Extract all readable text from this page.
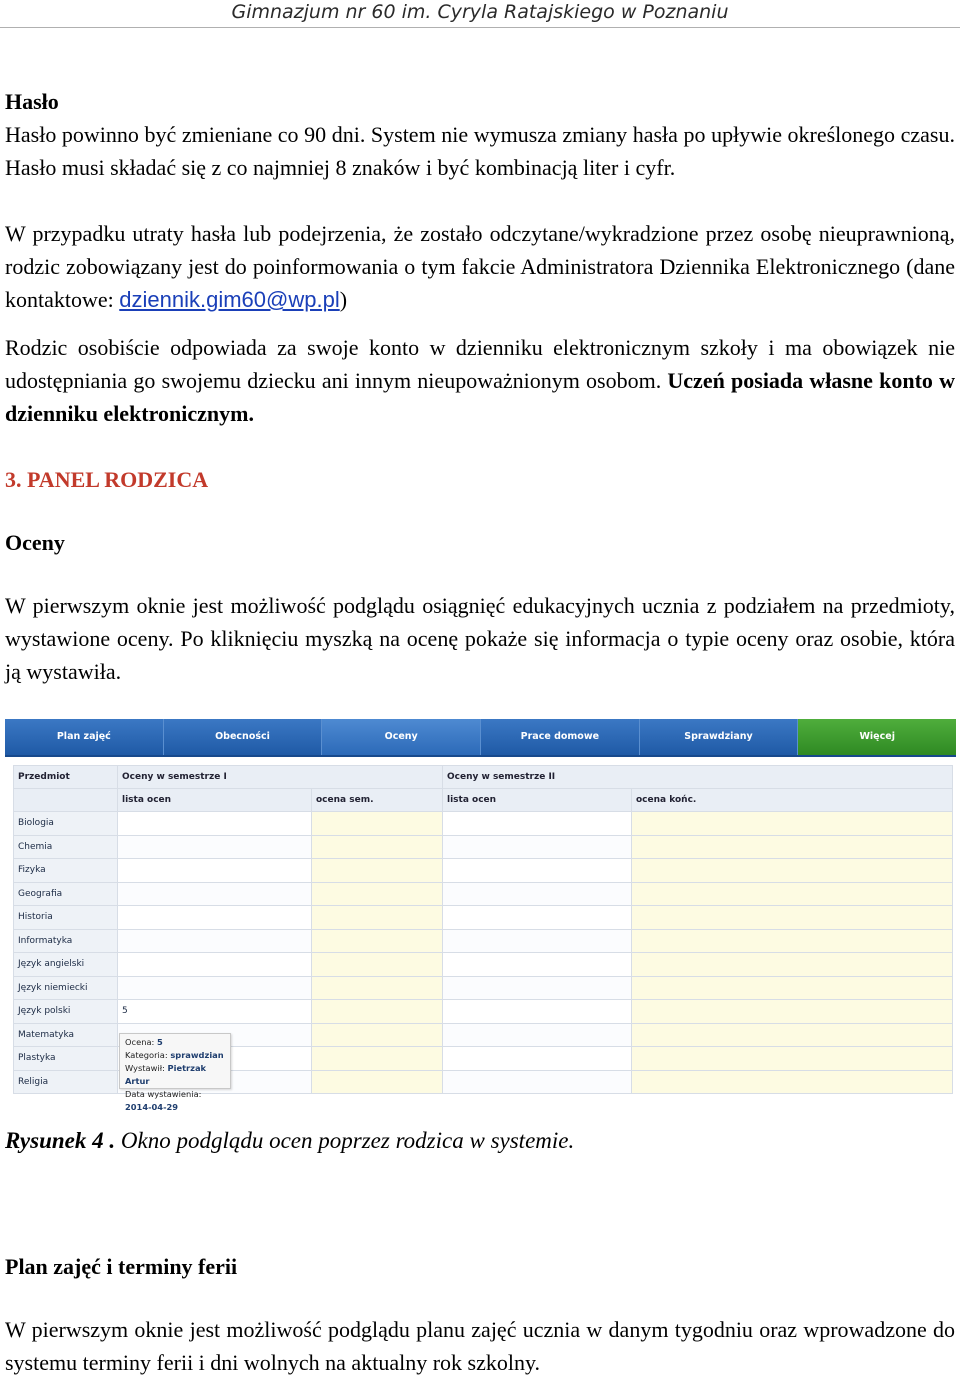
Gimnazjum nr 60 im. Cyryla Ratajskiego w Poznaniu
Hasło
Hasło powinno być zmieniane co 90 dni. System nie wymusza zmiany hasła po upływie określonego czasu. Hasło musi składać się z co najmniej 8 znaków i być kombinacją liter i cyfr.
W przypadku utraty hasła lub podejrzenia, że zostało odczytane/wykradzione przez osobę nieuprawnioną, rodzic zobowiązany jest do poinformowania o tym fakcie Administratora Dziennika Elektronicznego (dane kontaktowe: dziennik.gim60@wp.pl)
Rodzic osobiście odpowiada za swoje konto w dzienniku elektronicznym szkoły i ma obowiązek nie udostępniania go swojemu dziecku ani innym nieupoważnionym osobom. Uczeń posiada własne konto w dzienniku elektronicznym.
3. PANEL RODZICA
Oceny
W pierwszym oknie jest możliwość podglądu osiągnięć edukacyjnych ucznia z podziałem na przedmioty, wystawione oceny. Po kliknięciu myszką na ocenę pokaże się informacja o typie oceny oraz osobie, która ją wystawiła.
Plan zajęć	Obecności	Oceny	Prace domowe	Sprawdziany	Więcej
Przedmiot	Oceny w semestrze I		Oceny w semestrze II	
	lista ocen	ocena sem.	lista ocen	ocena końc.
Biologia				
Chemia				
Fizyka				
Geografia				
Historia				
Informatyka				
Język angielski				
Język niemiecki				
Język polski	5			
Matematyka				
Plastyka				
Religia				
Ocena: 5
Kategoria: sprawdzian
Wystawił: Pietrzak Artur
Data wystawienia: 2014-04-29
Rysunek 4 . Okno podglądu ocen poprzez rodzica w systemie.
Plan zajęć i terminy ferii
W pierwszym oknie jest możliwość podglądu planu zajęć ucznia w danym tygodniu oraz wprowadzone do systemu terminy ferii i dni wolnych na aktualny rok szkolny.
